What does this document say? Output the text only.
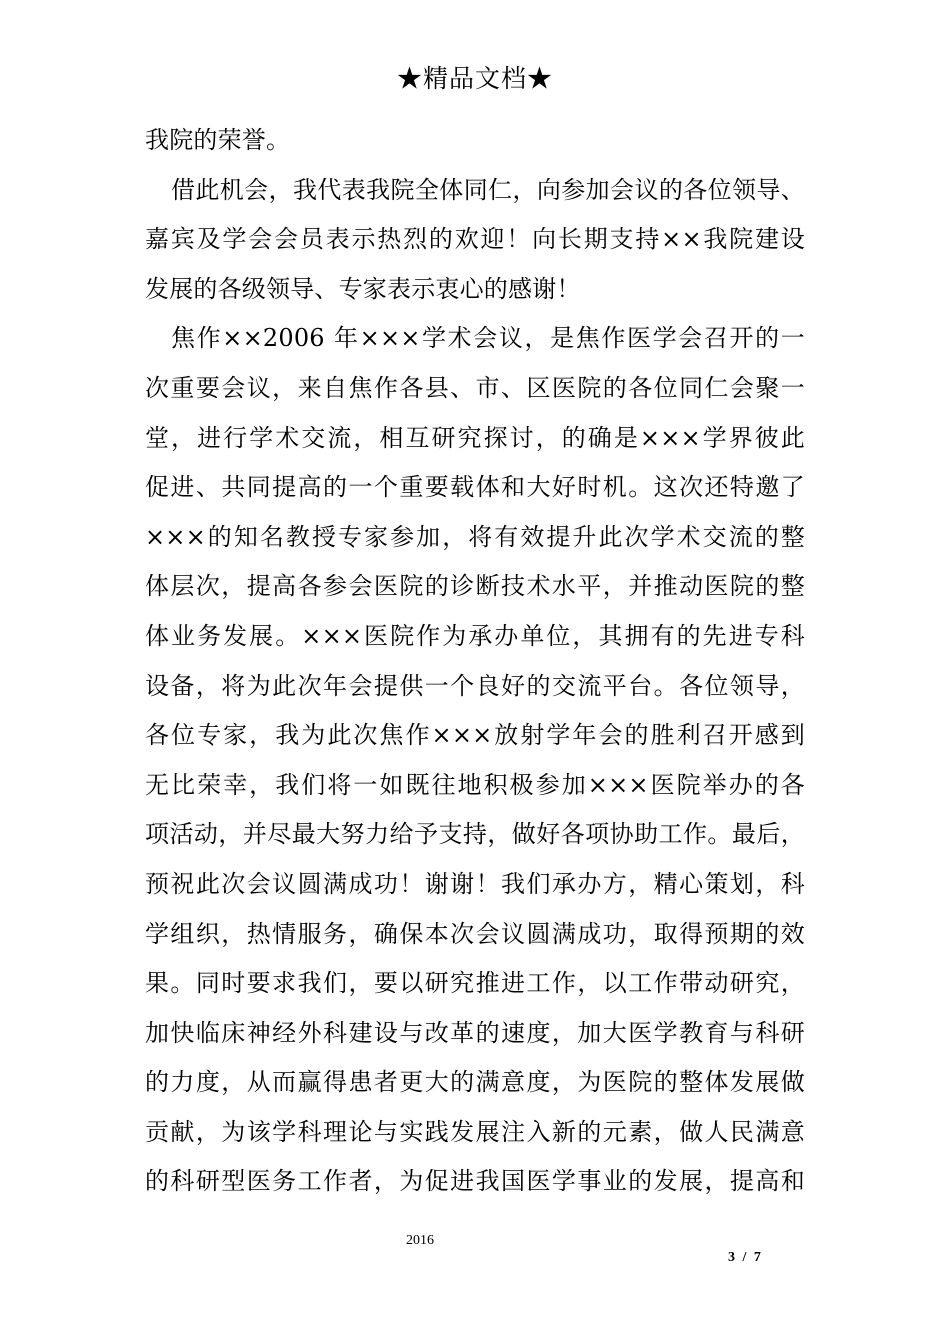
★精品文档★
我院的荣誉。
借此机会，我代表我院全体同仁，向参加会议的各位领导、
嘉宾及学会会员表示热烈的欢迎！向长期支持××我院建设
发展的各级领导、专家表示衷心的感谢！
焦作××2006 年×××学术会议，是焦作医学会召开的一
次重要会议，来自焦作各县、市、区医院的各位同仁会聚一
堂，进行学术交流，相互研究探讨，的确是×××学界彼此
促进、共同提高的一个重要载体和大好时机。这次还特邀了
×××的知名教授专家参加，将有效提升此次学术交流的整
体层次，提高各参会医院的诊断技术水平，并推动医院的整
体业务发展。×××医院作为承办单位，其拥有的先进专科
设备，将为此次年会提供一个良好的交流平台。各位领导，
各位专家，我为此次焦作×××放射学年会的胜利召开感到
无比荣幸，我们将一如既往地积极参加×××医院举办的各
项活动，并尽最大努力给予支持，做好各项协助工作。最后，
预祝此次会议圆满成功！谢谢！我们承办方，精心策划，科
学组织，热情服务，确保本次会议圆满成功，取得预期的效
果。同时要求我们，要以研究推进工作，以工作带动研究，
加快临床神经外科建设与改革的速度，加大医学教育与科研
的力度，从而赢得患者更大的满意度，为医院的整体发展做
贡献，为该学科理论与实践发展注入新的元素，做人民满意
的科研型医务工作者，为促进我国医学事业的发展，提高和
2016
3 / 7
